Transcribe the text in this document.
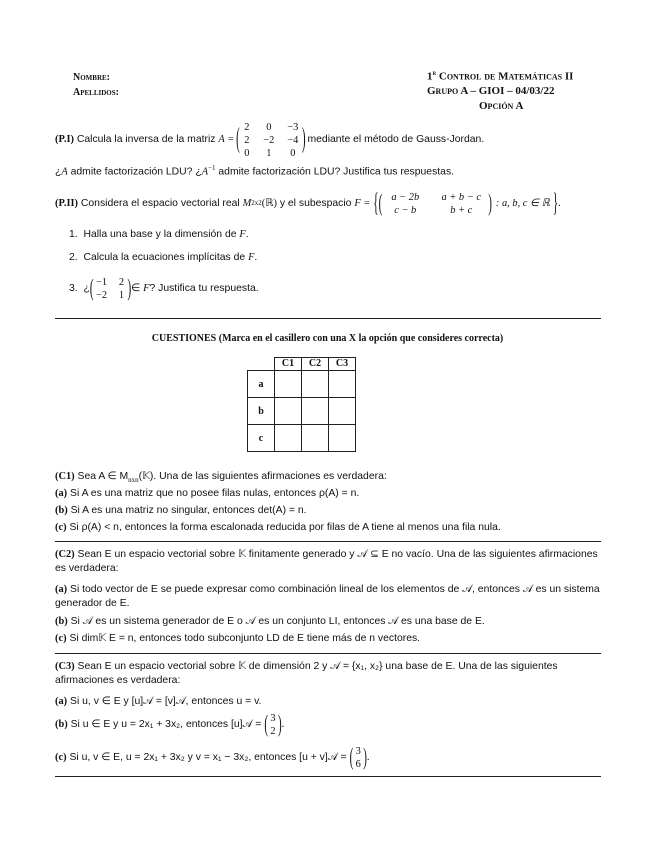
Nombre:
Apellidos:
1$^r$ Control de Matemáticas II
Grupo A – GIOI – 04/03/22
Opción A
(P.I)
Calcula la inversa de la matriz
A = ( 2	0	−3
2	−2	−4
0	1	0 ) mediante el método de Gauss-Jordan.
¿A admite factorización LDU? ¿$A^{-1}$ admite factorización LDU? Justifica tus respuestas.
(P.II)
Considera el espacio vectorial real
M 2x2 (ℝ)
y el subespacio
F = { ( a − 2b	a + b − c
c − b	b + c	) : a, b, c ∈ ℝ } .
1. Halla una base y la dimensión de F.
2. Calcula la ecuaciones implícitas de F.
3.
¿ ( −1	2
−2	1 ) ∈
F ? Justifica tu respuesta.
CUESTIONES (Marca en el casillero con una X la opción que consideres correcta)
	C1	C2	C3
a			
b			
c			
(C1) Sea A ∈ $M_{nxn}(𝕂)$. Una de las siguientes afirmaciones es verdadera:
(a) Si A es una matriz que no posee filas nulas, entonces ρ(A) = n.
(b) Si A es una matriz no singular, entonces det(A) = n.
(c) Si ρ(A) < n, entonces la forma escalonada reducida por filas de A tiene al menos una fila nula.
(C2) Sean E un espacio vectorial sobre 𝕂 finitamente generado y 𝒜 ⊆ E no vacío. Una de las siguientes afirmaciones es verdadera:
(a) Si todo vector de E se puede expresar como combinación lineal de los elementos de 𝒜, entonces 𝒜 es un sistema generador de E.
(b) Si 𝒜 es un sistema generador de E o 𝒜 es un conjunto LI, entonces 𝒜 es una base de E.
(c) Si dim𝕂 E = n, entonces todo subconjunto LD de E tiene más de n vectores.
(C3) Sean E un espacio vectorial sobre 𝕂 de dimensión 2 y 𝒜 = {x₁, x₂} una base de E. Una de las siguientes afirmaciones es verdadera:
(a) Si u, v ∈ E y [u]𝒜 = [v]𝒜, entonces u = v.
(b)
Si u ∈ E y u = 2x₁ + 3x₂, entonces [u]𝒜 = ( 3
2 ) .
(c)
Si u, v ∈ E, u = 2x₁ + 3x₂ y v = x₁ − 3x₂, entonces [u + v]𝒜 = ( 3
6 ) .
